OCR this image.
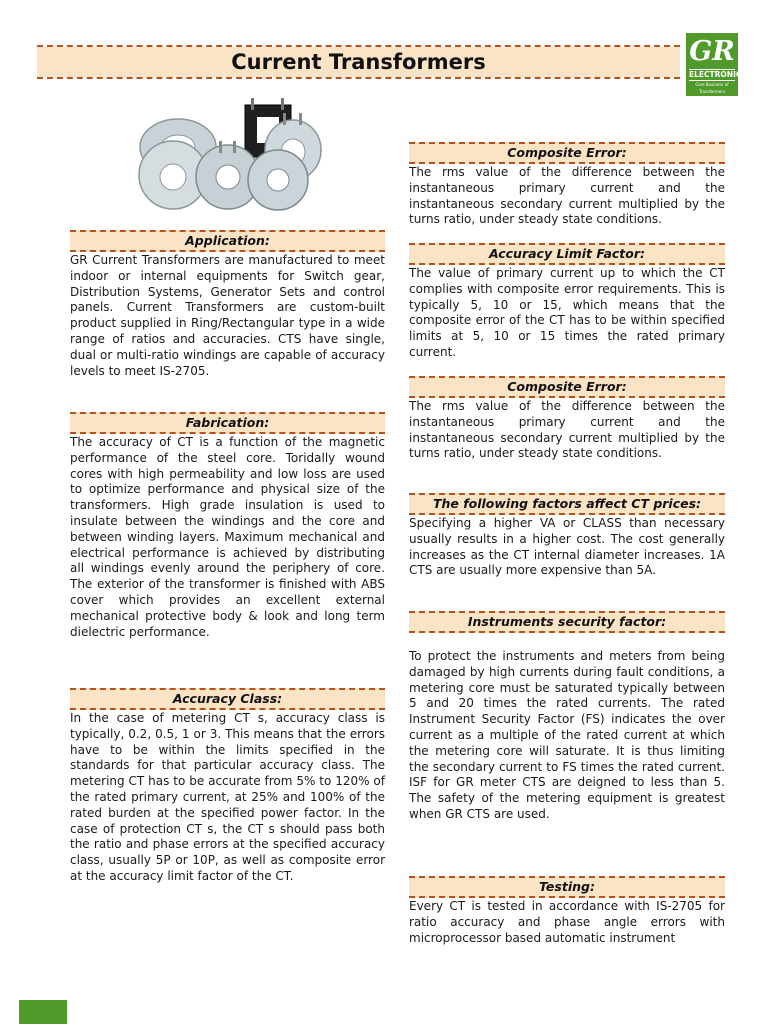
Current Transformers	GR
ELECTRONICS
Core Business of Transformers
Application:
GR Current Transformers are manufactured to meet indoor or internal equipments for Switch gear, Distribution Systems, Generator Sets and control panels. Current Transformers are custom-built product supplied in Ring/Rectangular type in a wide range of ratios and accuracies. CTS have single, dual or multi-ratio windings are capable of accuracy levels to meet IS-2705.
Fabrication:
The accuracy of CT is a function of the magnetic performance of the steel core. Toridally wound cores with high permeability and low loss are used to optimize performance and physical size of the transformers. High grade insulation is used to insulate between the windings and the core and between winding layers. Maximum mechanical and electrical performance is achieved by distributing all windings evenly around the periphery of core. The exterior of the transformer is finished with ABS cover which provides an excellent external mechanical protective body & look and long term dielectric performance.
Accuracy Class:
In the case of metering CT s, accuracy class is typically, 0.2, 0.5, 1 or 3. This means that the errors have to be within the limits specified in the standards for that particular accuracy class. The metering CT has to be accurate from 5% to 120% of the rated primary current, at 25% and 100% of the rated burden at the specified power factor. In the case of protection CT s, the CT s should pass both the ratio and phase errors at the specified accuracy class, usually 5P or 10P, as well as composite error at the accuracy limit factor of the CT.
Composite Error:
The rms value of the difference between the instantaneous primary current and the instantaneous secondary current multiplied by the turns ratio, under steady state conditions.
Accuracy Limit Factor:
The value of primary current up to which the CT complies with composite error requirements. This is typically 5, 10 or 15, which means that the composite error of the CT has to be within specified limits at 5, 10 or 15 times the rated primary current.
Composite Error:
The rms value of the difference between the instantaneous primary current and the instantaneous secondary current multiplied by the turns ratio, under steady state conditions.
The following factors affect CT prices:
Specifying a higher VA or CLASS than necessary usually results in a higher cost. The cost generally increases as the CT internal diameter increases. 1A CTS are usually more expensive than 5A.
Instruments security factor:
To protect the instruments and meters from being damaged by high currents during fault conditions, a metering core must be saturated typically between 5 and 20 times the rated currents. The rated Instrument Security Factor (FS) indicates the over current as a multiple of the rated current at which the metering core will saturate. It is thus limiting the secondary current to FS times the rated current. ISF for GR meter CTS are deigned to less than 5. The safety of the metering equipment is greatest when GR CTS are used.
Testing:
Every CT is tested in accordance with IS-2705 for ratio accuracy and phase angle errors with microprocessor based automatic instrument
